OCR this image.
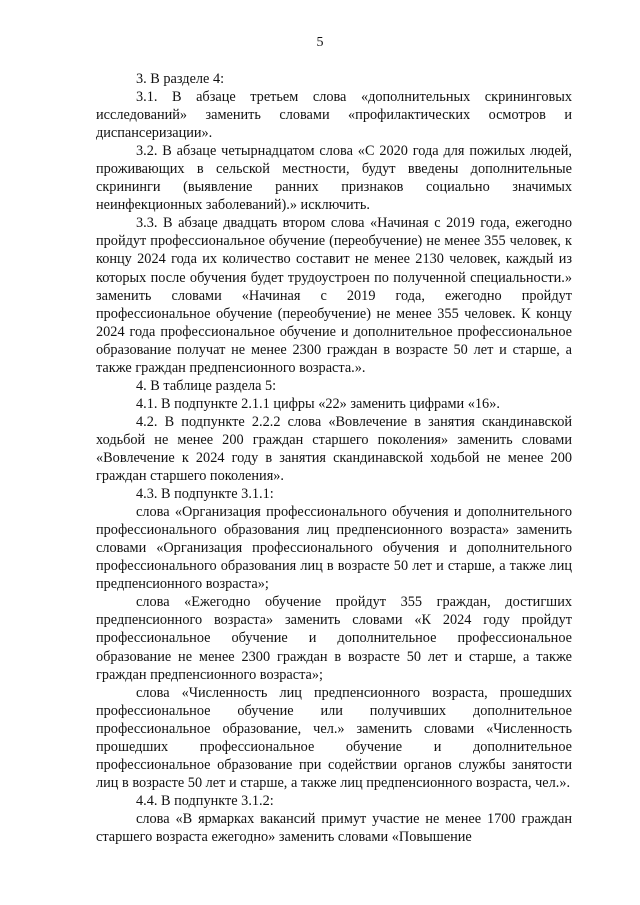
5

3. В разделе 4:

3.1. В абзаце третьем слова «дополнительных скрининговых исследований» заменить словами «профилактических осмотров и диспансеризации».

3.2. В абзаце четырнадцатом слова «С 2020 года для пожилых людей, проживающих в сельской местности, будут введены дополнительные скрининги (выявление ранних признаков социально значимых неинфекционных заболеваний).» исключить.

3.3. В абзаце двадцать втором слова «Начиная с 2019 года, ежегодно пройдут профессиональное обучение (переобучение) не менее 355 человек, к концу 2024 года их количество составит не менее 2130 человек, каждый из которых после обучения будет трудоустроен по полученной специальности.» заменить словами «Начиная с 2019 года, ежегодно пройдут профессиональное обучение (переобучение) не менее 355 человек. К концу 2024 года профессиональное обучение и дополнительное профессиональное образование получат не менее 2300 граждан в возрасте 50 лет и старше, а также граждан предпенсионного возраста.».

4. В таблице раздела 5:

4.1. В подпункте 2.1.1 цифры «22» заменить цифрами «16».

4.2. В подпункте 2.2.2 слова «Вовлечение в занятия скандинавской ходьбой не менее 200 граждан старшего поколения» заменить словами «Вовлечение к 2024 году в занятия скандинавской ходьбой не менее 200 граждан старшего поколения».

4.3. В подпункте 3.1.1:

слова «Организация профессионального обучения и дополнительного профессионального образования лиц предпенсионного возраста» заменить словами «Организация профессионального обучения и дополнительного профессионального образования лиц в возрасте 50 лет и старше, а также лиц предпенсионного возраста»;

слова «Ежегодно обучение пройдут 355 граждан, достигших предпенсионного возраста» заменить словами «К 2024 году пройдут профессиональное обучение и дополнительное профессиональное образование не менее 2300 граждан в возрасте 50 лет и старше, а также граждан предпенсионного возраста»;

слова «Численность лиц предпенсионного возраста, прошедших профессиональное обучение или получивших дополнительное профессиональное образование, чел.» заменить словами «Численность прошедших профессиональное обучение и дополнительное профессиональное образование при содействии органов службы занятости лиц в возрасте 50 лет и старше, а также лиц предпенсионного возраста, чел.».

4.4. В подпункте 3.1.2:

слова «В ярмарках вакансий примут участие не менее 1700 граждан старшего возраста ежегодно» заменить словами «Повышение
